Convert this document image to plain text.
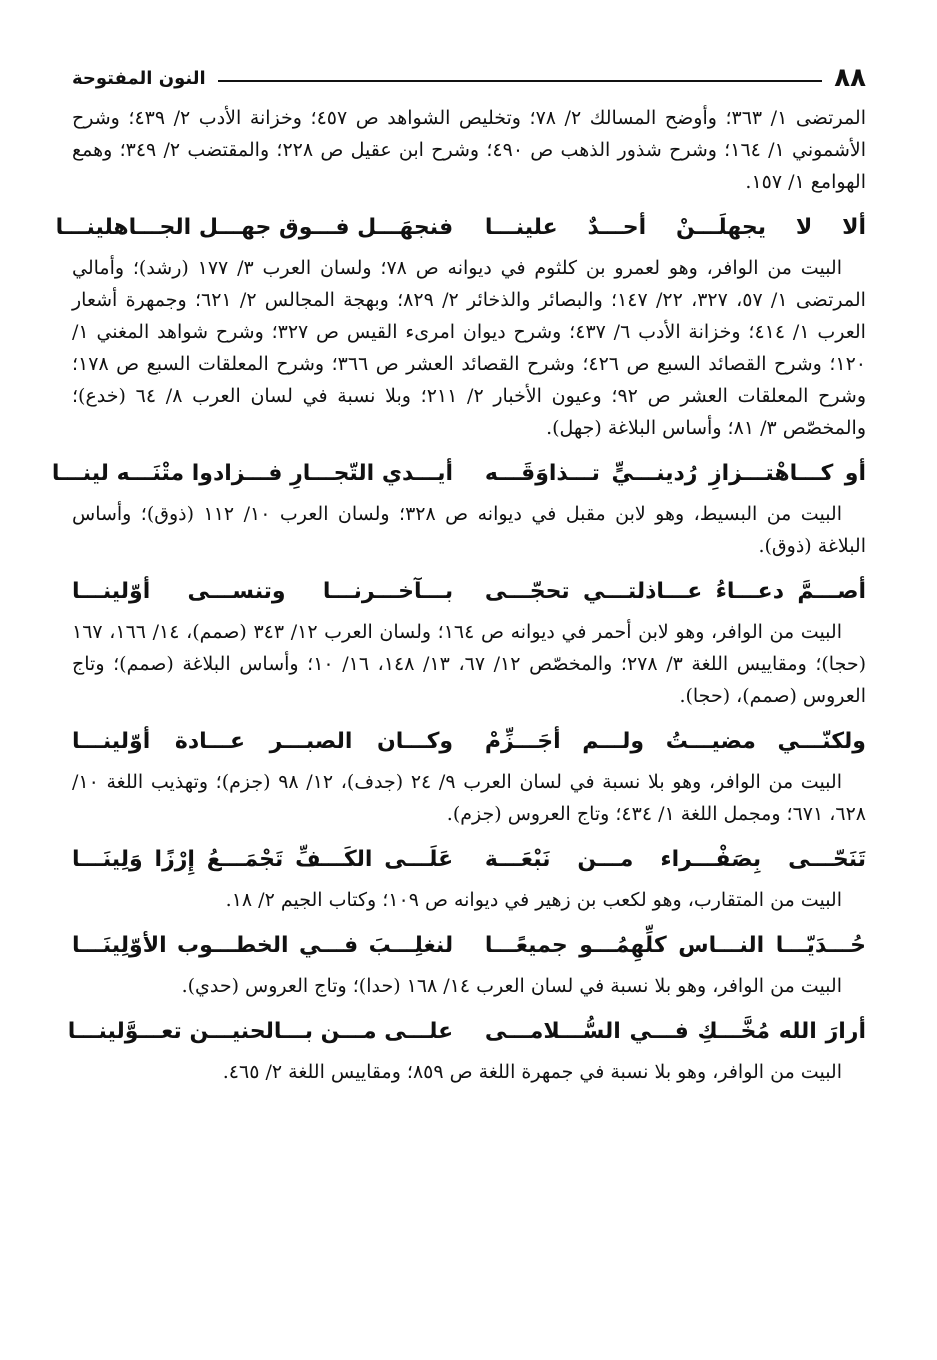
٨٨
النون المفتوحة

المرتضى ١/ ٣٦٣؛ وأوضح المسالك ٢/ ٧٨؛ وتخليص الشواهد ص ٤٥٧؛ وخزانة الأدب ٢/ ٤٣٩؛ وشرح الأشموني ١/ ١٦٤؛ وشرح شذور الذهب ص ٤٩٠؛ وشرح ابن عقيل ص ٢٢٨؛ والمقتضب ٢/ ٣٤٩؛ وهمع الهوامع ١/ ١٥٧.

ألا لا يجهلَـــنْ أحـــدٌ علينـــا
فنجهَـــل فـــوق جهـــل الجـــاهلينـــا

البيت من الوافر، وهو لعمرو بن كلثوم في ديوانه ص ٧٨؛ ولسان العرب ٣/ ١٧٧ (رشد)؛ وأمالي المرتضى ١/ ٥٧، ٣٢٧، ٢٢/ ١٤٧؛ والبصائر والذخائر ٢/ ٨٢٩؛ وبهجة المجالس ٢/ ٦٢١؛ وجمهرة أشعار العرب ١/ ٤١٤؛ وخزانة الأدب ٦/ ٤٣٧؛ وشرح ديوان امرىء القيس ص ٣٢٧؛ وشرح شواهد المغني ١/ ١٢٠؛ وشرح القصائد السبع ص ٤٢٦؛ وشرح القصائد العشر ص ٣٦٦؛ وشرح المعلقات السبع ص ١٧٨؛ وشرح المعلقات العشر ص ٩٢؛ وعيون الأخبار ٢/ ٢١١؛ وبلا نسبة في لسان العرب ٨/ ٦٤ (خدع)؛ والمخصّص ٣/ ٨١؛ وأساس البلاغة (جهل).

أو كـــاهْتـــزازِ رُدينـــيٍّ تـــذاوَقَـــه
أيـــدي التّجـــارِ فـــزادوا متْنَـــه لينـــا

البيت من البسيط، وهو لابن مقبل في ديوانه ص ٣٢٨؛ ولسان العرب ١٠/ ١١٢ (ذوق)؛ وأساس البلاغة (ذوق).

أصـــمَّ دعـــاءُ عـــاذلتـــي تحجّـــى
بـــآخـــرنـــا وتنســـى أوّلينـــا

البيت من الوافر، وهو لابن أحمر في ديوانه ص ١٦٤؛ ولسان العرب ١٢/ ٣٤٣ (صمم)، ١٤/ ١٦٦، ١٦٧ (حجا)؛ ومقاييس اللغة ٣/ ٢٧٨؛ والمخصّص ١٢/ ٦٧، ١٣/ ١٤٨، ١٦/ ١٠؛ وأساس البلاغة (صمم)؛ وتاج العروس (صمم)، (حجا).

ولكنّـــي مضيـــتُ ولـــم أجَـــزِّمْ
وكـــان الصبـــر عـــادة أوّلينـــا

البيت من الوافر، وهو بلا نسبة في لسان العرب ٩/ ٢٤ (جدف)، ١٢/ ٩٨ (جزم)؛ وتهذيب اللغة ١٠/ ٦٢٨، ٦٧١؛ ومجمل اللغة ١/ ٤٣٤؛ وتاج العروس (جزم).

تَنَحّـــى بِصَفْـــراء مـــن نَبْعَـــة
عَلَـــى الكَـــفِّ تَجْمَـــعُ إِرْزًا وَلِينَـــا

البيت من المتقارب، وهو لكعب بن زهير في ديوانه ص ١٠٩؛ وكتاب الجيم ٢/ ١٨.

حُـــدَيّـــا النـــاس كلِّهِمُـــو جميعًـــا
لنغلِـــبَ فـــي الخطـــوب الأوّلِينَـــا

البيت من الوافر، وهو بلا نسبة في لسان العرب ١٤/ ١٦٨ (حدا)؛ وتاج العروس (حدي).

أرارَ الله مُخَّـــكِ فـــي السُّـــلامـــى
علـــى مـــن بـــالحنيـــن تعـــوَّلينـــا

البيت من الوافر، وهو بلا نسبة في جمهرة اللغة ص ٨٥٩؛ ومقاييس اللغة ٢/ ٤٦٥.
